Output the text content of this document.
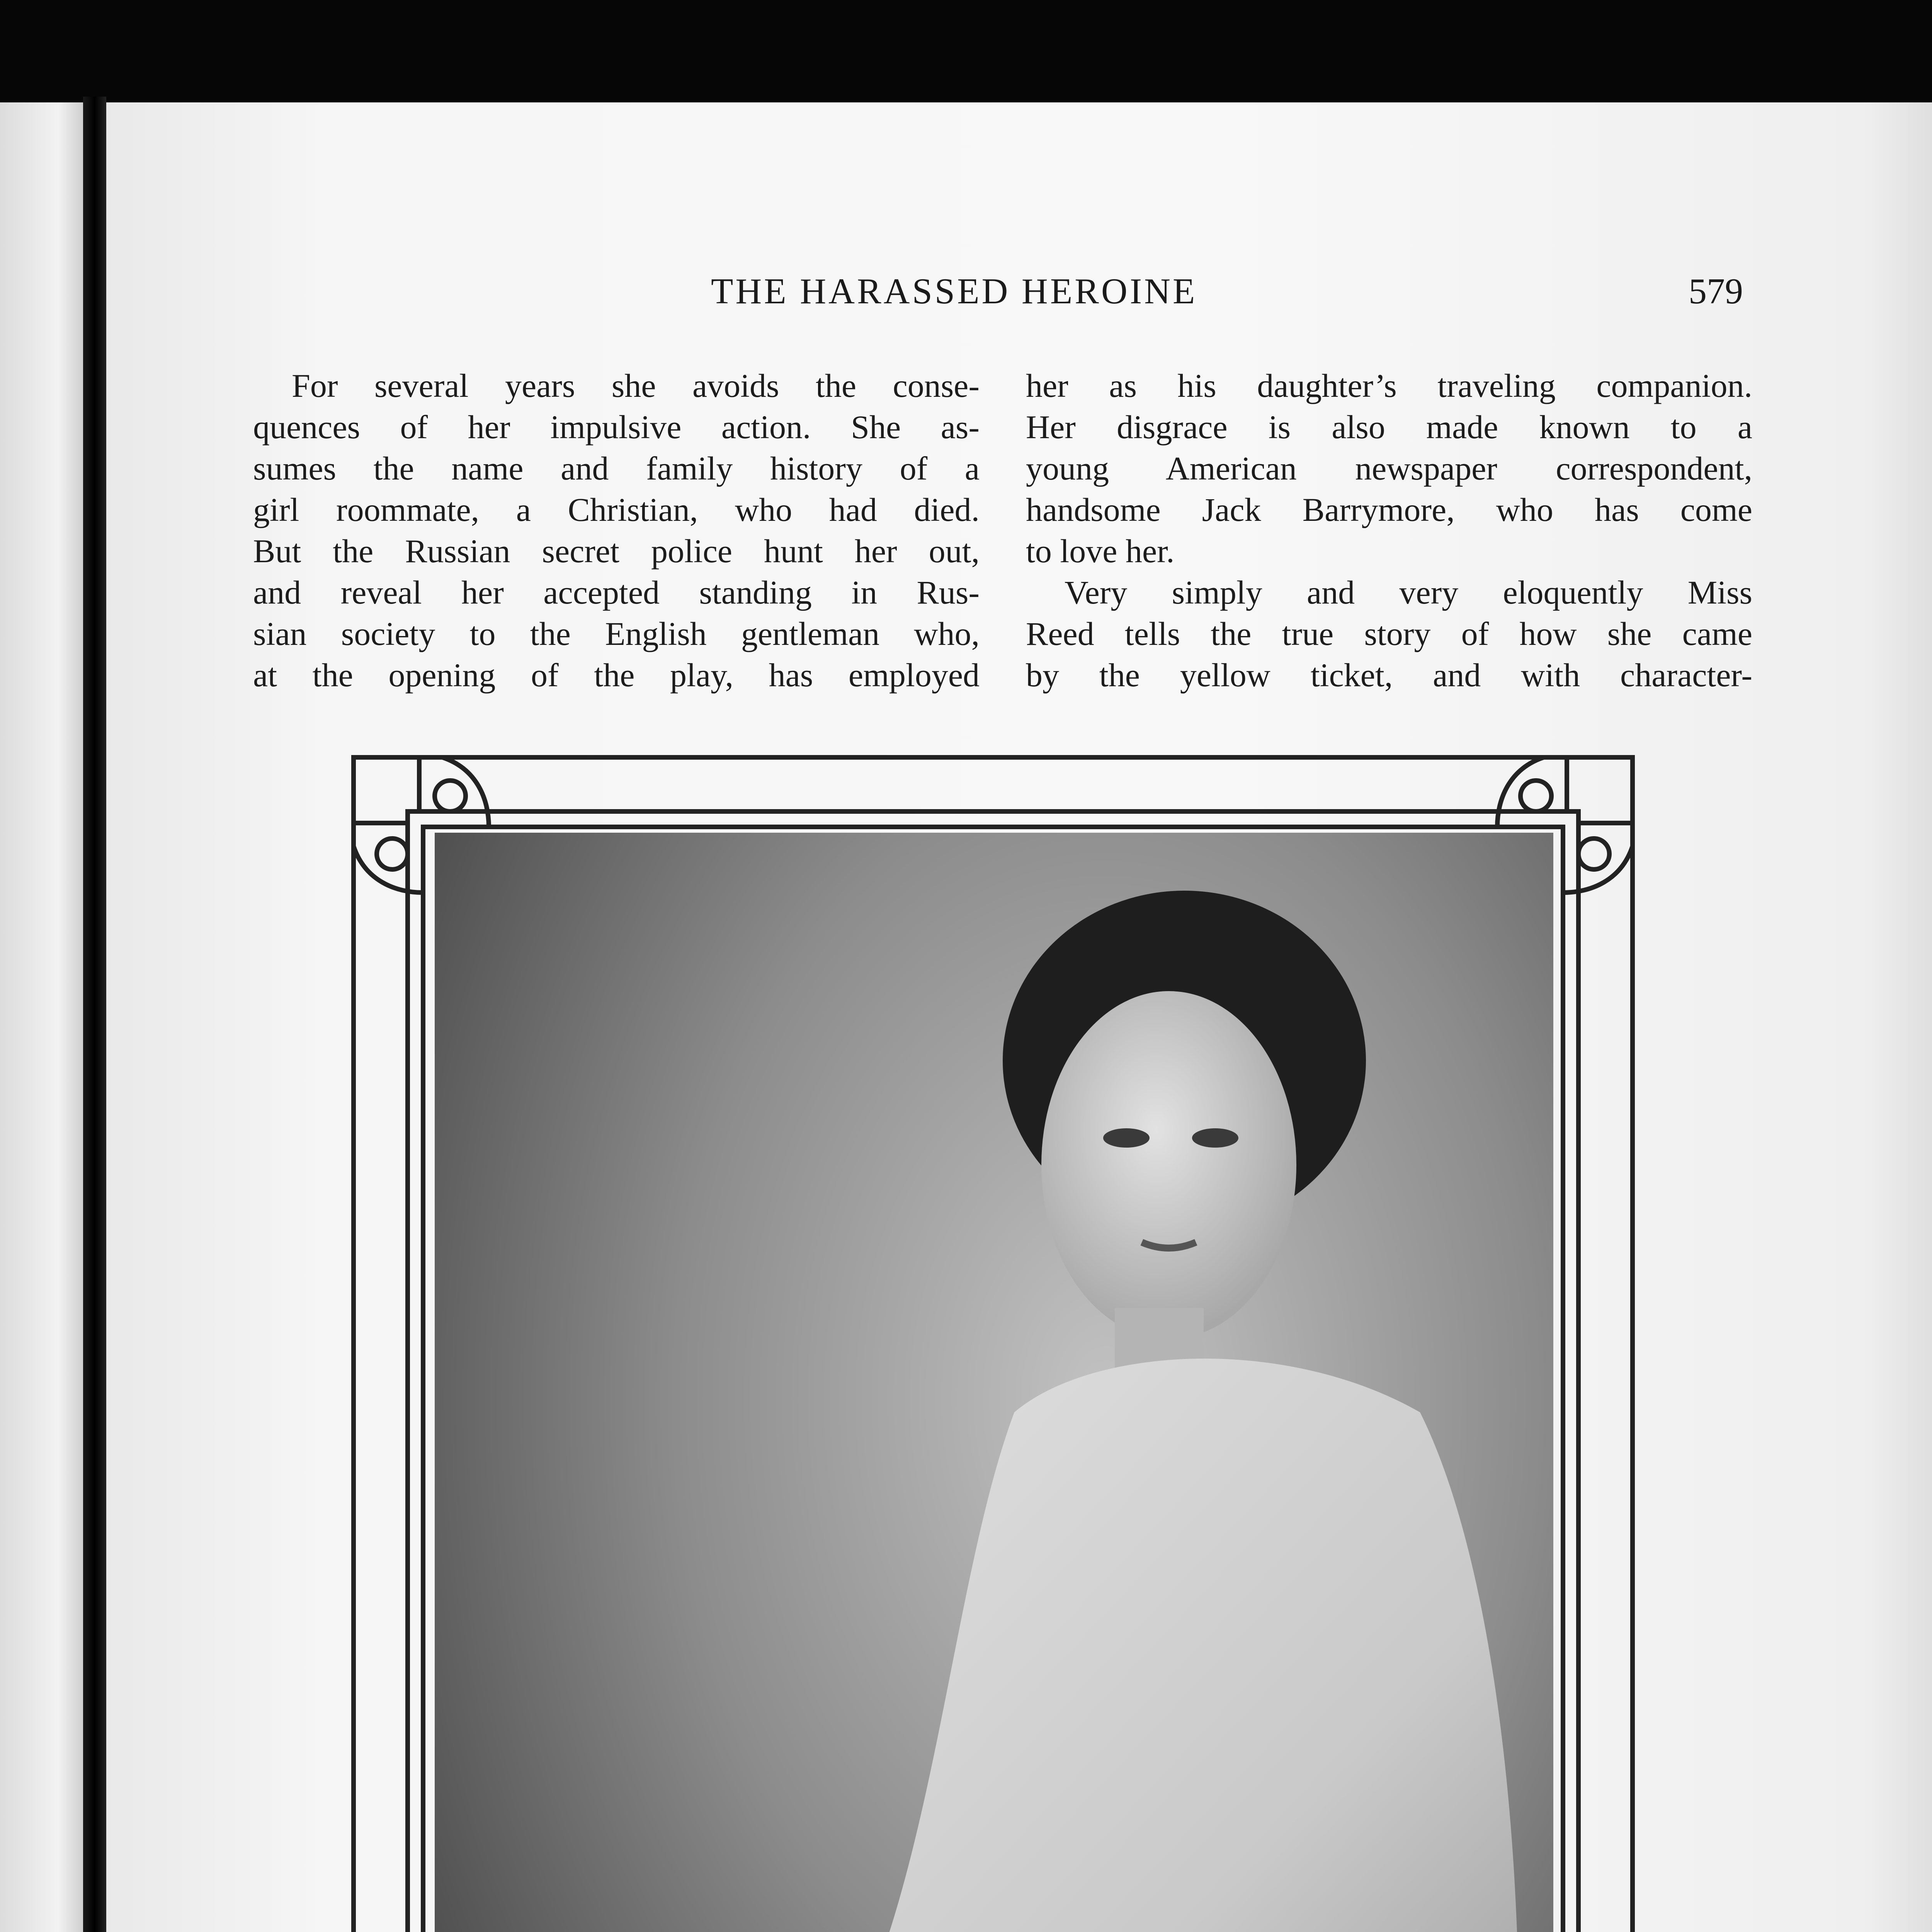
THE HARASSED HEROINE	579

For several years she avoids the conse-

quences of her impulsive action. She as-

sumes the name and family history of a

girl roommate, a Christian, who had died.

But the Russian secret police hunt her out,

and reveal her accepted standing in Rus-

sian society to the English gentleman who,

at the opening of the play, has employed

her as his daughter’s traveling companion.

Her disgrace is also made known to a

young American newspaper correspondent,

handsome Jack Barrymore, who has come

to love her.

Very simply and very eloquently Miss

Reed tells the true story of how she came

by the yellow ticket, and with character-
